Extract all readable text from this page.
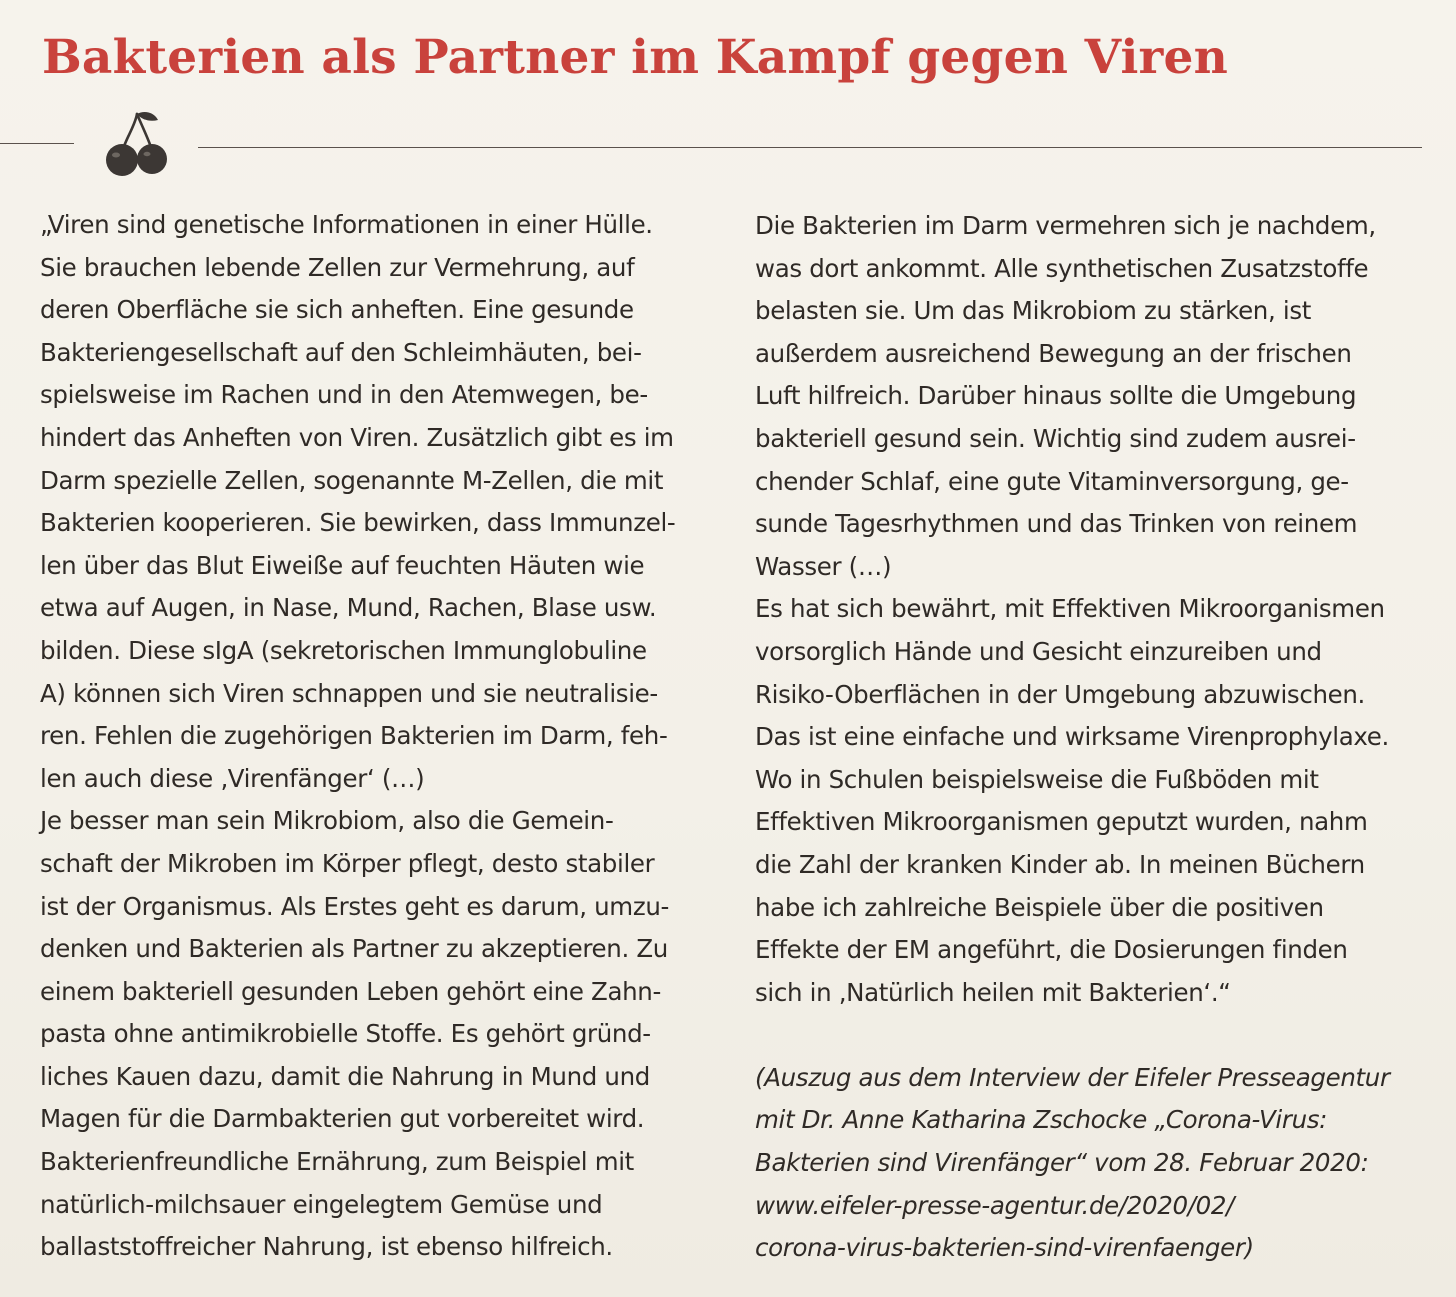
Bakterien als Partner im Kampf gegen Viren
„Viren sind genetische Informationen in einer Hülle.
Sie brauchen lebende Zellen zur Vermehrung, auf
deren Oberfläche sie sich anheften. Eine gesunde
Bakteriengesellschaft auf den Schleimhäuten, bei-
spielsweise im Rachen und in den Atemwegen, be-
hindert das Anheften von Viren. Zusätzlich gibt es im
Darm spezielle Zellen, sogenannte M-Zellen, die mit
Bakterien kooperieren. Sie bewirken, dass Immunzel-
len über das Blut Eiweiße auf feuchten Häuten wie
etwa auf Augen, in Nase, Mund, Rachen, Blase usw.
bilden. Diese sIgA (sekretorischen Immunglobuline
A) können sich Viren schnappen und sie neutralisie-
ren. Fehlen die zugehörigen Bakterien im Darm, feh-
len auch diese ‚Virenfänger‘ (…)
Je besser man sein Mikrobiom, also die Gemein-
schaft der Mikroben im Körper pflegt, desto stabiler
ist der Organismus. Als Erstes geht es darum, umzu-
denken und Bakterien als Partner zu akzeptieren. Zu
einem bakteriell gesunden Leben gehört eine Zahn-
pasta ohne antimikrobielle Stoffe. Es gehört gründ-
liches Kauen dazu, damit die Nahrung in Mund und
Magen für die Darmbakterien gut vorbereitet wird.
Bakterienfreundliche Ernährung, zum Beispiel mit
natürlich-milchsauer eingelegtem Gemüse und
ballaststoffreicher Nahrung, ist ebenso hilfreich.
Die Bakterien im Darm vermehren sich je nachdem,
was dort ankommt. Alle synthetischen Zusatzstoffe
belasten sie. Um das Mikrobiom zu stärken, ist
außerdem ausreichend Bewegung an der frischen
Luft hilfreich. Darüber hinaus sollte die Umgebung
bakteriell gesund sein. Wichtig sind zudem ausrei-
chender Schlaf, eine gute Vitaminversorgung, ge-
sunde Tagesrhythmen und das Trinken von reinem
Wasser (…)
Es hat sich bewährt, mit Effektiven Mikroorganismen
vorsorglich Hände und Gesicht einzureiben und
Risiko-Oberflächen in der Umgebung abzuwischen.
Das ist eine einfache und wirksame Virenprophylaxe.
Wo in Schulen beispielsweise die Fußböden mit
Effektiven Mikroorganismen geputzt wurden, nahm
die Zahl der kranken Kinder ab. In meinen Büchern
habe ich zahlreiche Beispiele über die positiven
Effekte der EM angeführt, die Dosierungen finden
sich in ‚Natürlich heilen mit Bakterien‘.“
(Auszug aus dem Interview der Eifeler Presseagentur
mit Dr. Anne Katharina Zschocke „Corona-Virus:
Bakterien sind Virenfänger“ vom 28. Februar 2020:
www.eifeler-presse-agentur.de/2020/02/
corona-virus-bakterien-sind-virenfaenger)
